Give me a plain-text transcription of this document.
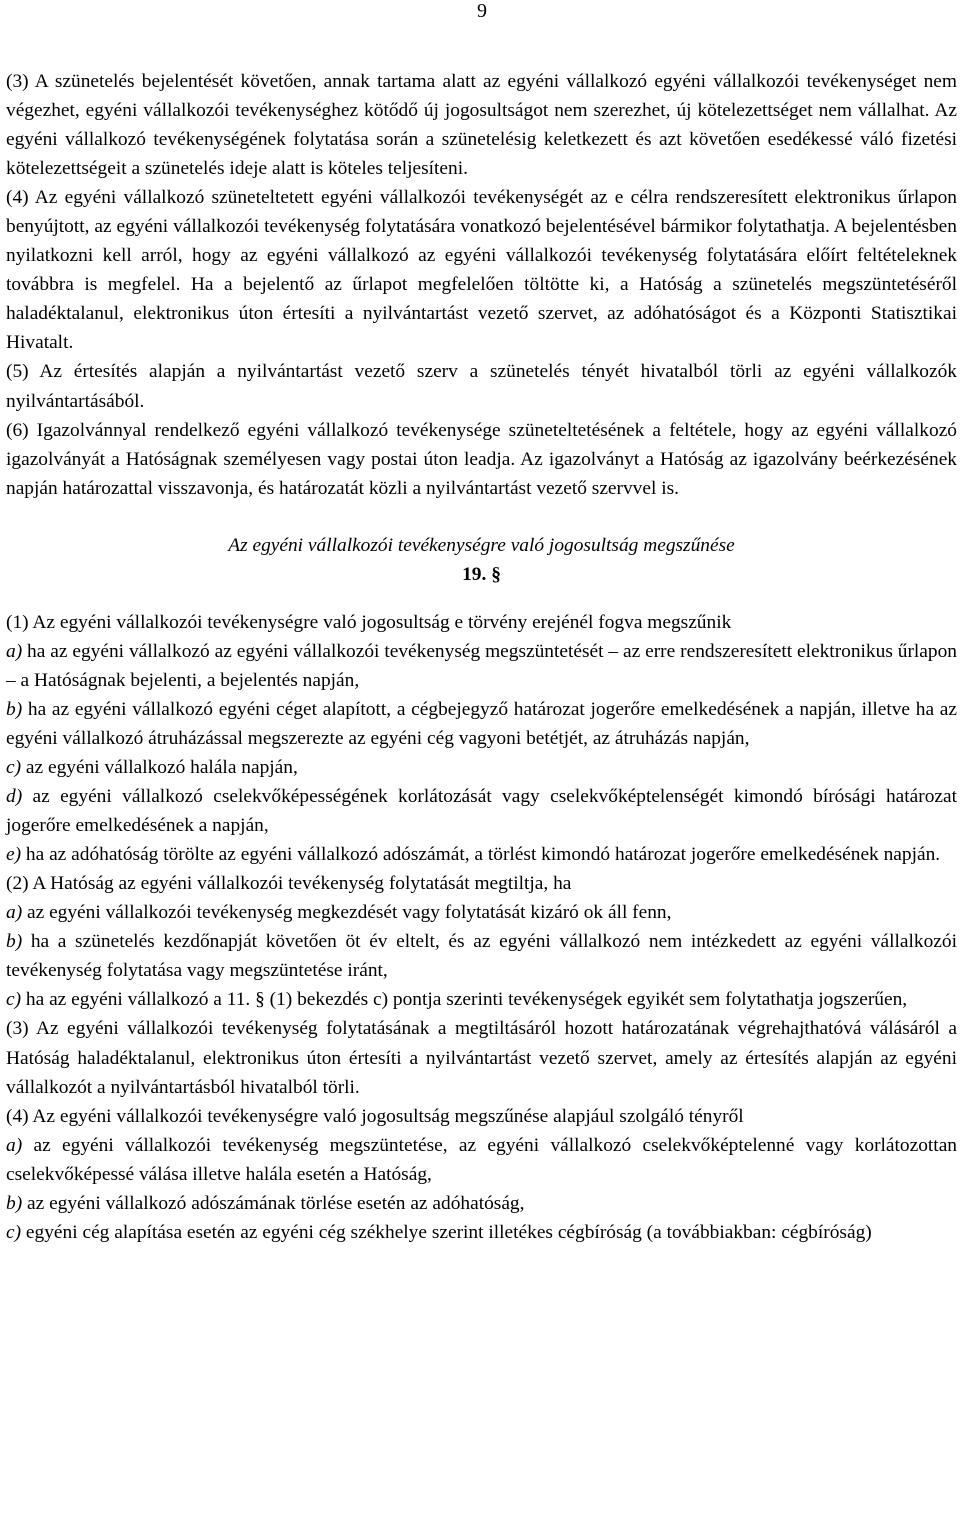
9

(3) A szünetelés bejelentését követően, annak tartama alatt az egyéni vállalkozó egyéni vállalkozói tevékenységet nem végezhet, egyéni vállalkozói tevékenységhez kötődő új jogosultságot nem szerezhet, új kötelezettséget nem vállalhat. Az egyéni vállalkozó tevékenységének folytatása során a szünetelésig keletkezett és azt követően esedékessé váló fizetési kötelezettségeit a szünetelés ideje alatt is köteles teljesíteni.

(4) Az egyéni vállalkozó szüneteltetett egyéni vállalkozói tevékenységét az e célra rendszeresített elektronikus űrlapon benyújtott, az egyéni vállalkozói tevékenység folytatására vonatkozó bejelentésével bármikor folytathatja. A bejelentésben nyilatkozni kell arról, hogy az egyéni vállalkozó az egyéni vállalkozói tevékenység folytatására előírt feltételeknek továbbra is megfelel. Ha a bejelentő az űrlapot megfelelően töltötte ki, a Hatóság a szünetelés megszüntetéséről haladéktalanul, elektronikus úton értesíti a nyilvántartást vezető szervet, az adóhatóságot és a Központi Statisztikai Hivatalt.

(5) Az értesítés alapján a nyilvántartást vezető szerv a szünetelés tényét hivatalból törli az egyéni vállalkozók nyilvántartásából.

(6) Igazolvánnyal rendelkező egyéni vállalkozó tevékenysége szüneteltetésének a feltétele, hogy az egyéni vállalkozó igazolványát a Hatóságnak személyesen vagy postai úton leadja. Az igazolványt a Hatóság az igazolvány beérkezésének napján határozattal visszavonja, és határozatát közli a nyilvántartást vezető szervvel is.

Az egyéni vállalkozói tevékenységre való jogosultság megszűnése

19. §

(1) Az egyéni vállalkozói tevékenységre való jogosultság e törvény erejénél fogva megszűnik

a) ha az egyéni vállalkozó az egyéni vállalkozói tevékenység megszüntetését – az erre rendszeresített elektronikus űrlapon – a Hatóságnak bejelenti, a bejelentés napján,

b) ha az egyéni vállalkozó egyéni céget alapított, a cégbejegyző határozat jogerőre emelkedésének a napján, illetve ha az egyéni vállalkozó átruházással megszerezte az egyéni cég vagyoni betétjét, az átruházás napján,

c) az egyéni vállalkozó halála napján,

d) az egyéni vállalkozó cselekvőképességének korlátozását vagy cselekvőképtelenségét kimondó bírósági határozat jogerőre emelkedésének a napján,

e) ha az adóhatóság törölte az egyéni vállalkozó adószámát, a törlést kimondó határozat jogerőre emelkedésének napján.

(2) A Hatóság az egyéni vállalkozói tevékenység folytatását megtiltja, ha

a) az egyéni vállalkozói tevékenység megkezdését vagy folytatását kizáró ok áll fenn,

b) ha a szünetelés kezdőnapját követően öt év eltelt, és az egyéni vállalkozó nem intézkedett az egyéni vállalkozói tevékenység folytatása vagy megszüntetése iránt,

c) ha az egyéni vállalkozó a 11. § (1) bekezdés c) pontja szerinti tevékenységek egyikét sem folytathatja jogszerűen,

(3) Az egyéni vállalkozói tevékenység folytatásának a megtiltásáról hozott határozatának végrehajthatóvá válásáról a Hatóság haladéktalanul, elektronikus úton értesíti a nyilvántartást vezető szervet, amely az értesítés alapján az egyéni vállalkozót a nyilvántartásból hivatalból törli.

(4) Az egyéni vállalkozói tevékenységre való jogosultság megszűnése alapjául szolgáló tényről

a) az egyéni vállalkozói tevékenység megszüntetése, az egyéni vállalkozó cselekvőképtelenné vagy korlátozottan cselekvőképessé válása illetve halála esetén a Hatóság,

b) az egyéni vállalkozó adószámának törlése esetén az adóhatóság,

c) egyéni cég alapítása esetén az egyéni cég székhelye szerint illetékes cégbíróság (a továbbiakban: cégbíróság)
